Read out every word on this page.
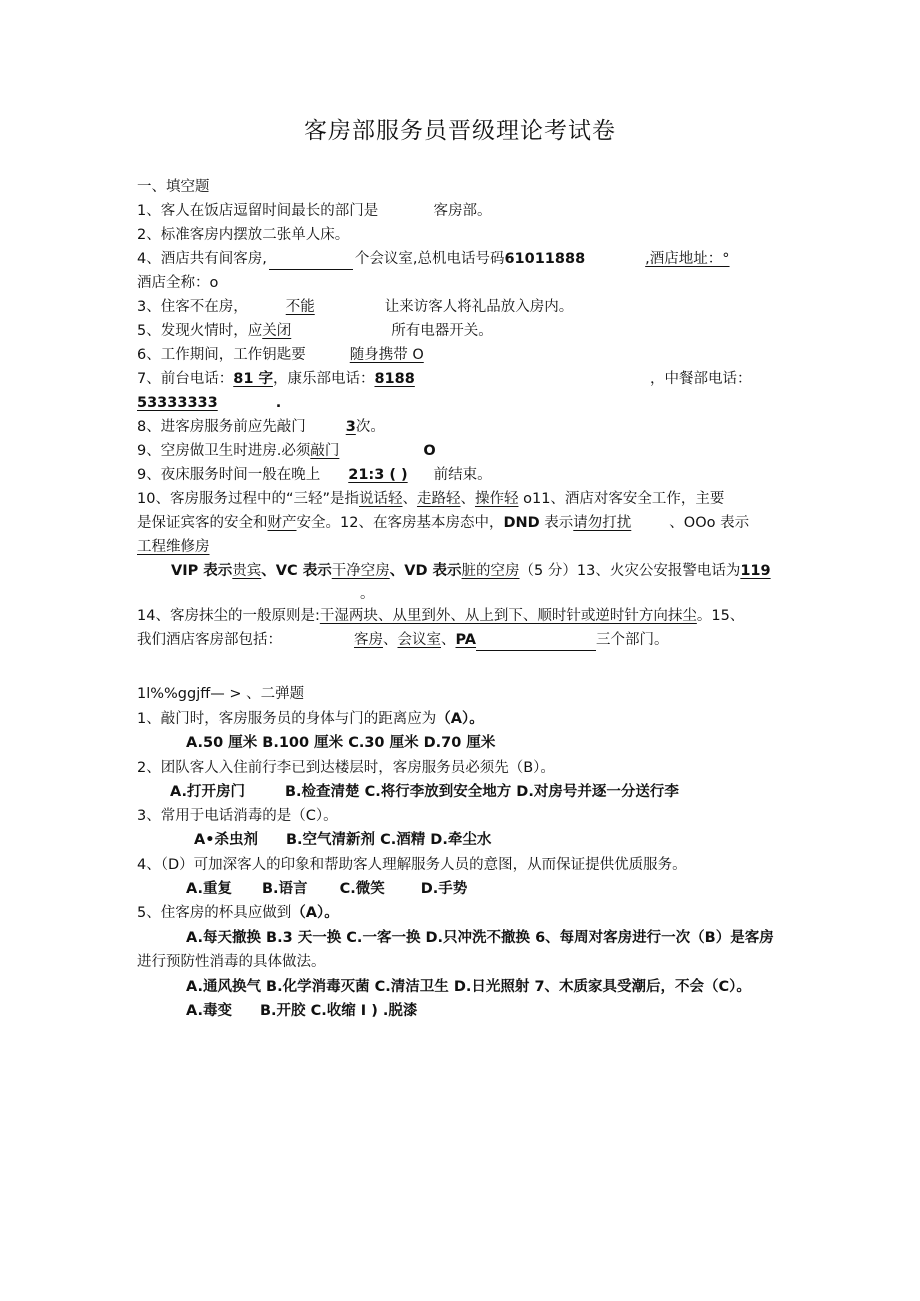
客房部服务员晋级理论考试卷
一、填空题
1、客人在饭店逗留时间最长的部门是	客房部。
2、标准客房内摆放二张单人床。
4、酒店共有间客房,	个会议室,总机电话号码61011888	,酒店地址：°
酒店全称：o
3、住客不在房，	不能	让来访客人将礼品放入房内。
5、发现火情时，应关闭	所有电器开关。
6、工作期间，工作钥匙要	随身携带 O
7、前台电话：81 字，康乐部电话：8188	，中餐部电话：
53333333	.
8、进客房服务前应先敲门	3次。
9、空房做卫生时进房.必须敲门	O
9、夜床服务时间一般在晚上 21:3 ( ) 前结束。
10、客房服务过程中的“三轻”是指说话轻、走路轻、操作轻 o11、酒店对客安全工作，主要
是保证宾客的安全和财产安全。12、在客房基本房态中，DND 表示请勿打扰	、OOo 表示
工程维修房
VIP 表示贵宾、VC 表示干净空房、VD 表示脏的空房（5 分）13、火灾公安报警电话为119
。
14、客房抹尘的一般原则是:干湿两块、从里到外、从上到下、顺时针或逆时针方向抹尘。15、
我们酒店客房部包括：	客房、会议室、PA	三个部门。
1l%%ggjff— > 、二弹题
1、敲门时，客房服务员的身体与门的距离应为（A）。
A.50 厘米 B.100 厘米 C.30 厘米 D.70 厘米
2、团队客人入住前行李已到达楼层时，客房服务员必须先（B）。
A.打开房门	B.检查清楚 C.将行李放到安全地方 D.对房号并逐一分送行李
3、常用于电话消毒的是（C）。
A•杀虫剂 B.空气清新剂 C.酒精 D.牵尘水
4、（D）可加深客人的印象和帮助客人理解服务人员的意图，从而保证提供优质服务。
A.重复 B.语言 C.微笑 D.手势
5、住客房的杯具应做到（A）。
A.每天撤换 B.3 天一换 C.一客一换 D.只冲洗不撤换 6、每周对客房进行一次（B）是客房
进行预防性消毒的具体做法。
A.通风换气 B.化学消毒灭菌 C.清洁卫生 D.日光照射 7、木质家具受潮后，不会（C）。
A.毒变 B.开胶 C.收缩 I ) .脱漆
